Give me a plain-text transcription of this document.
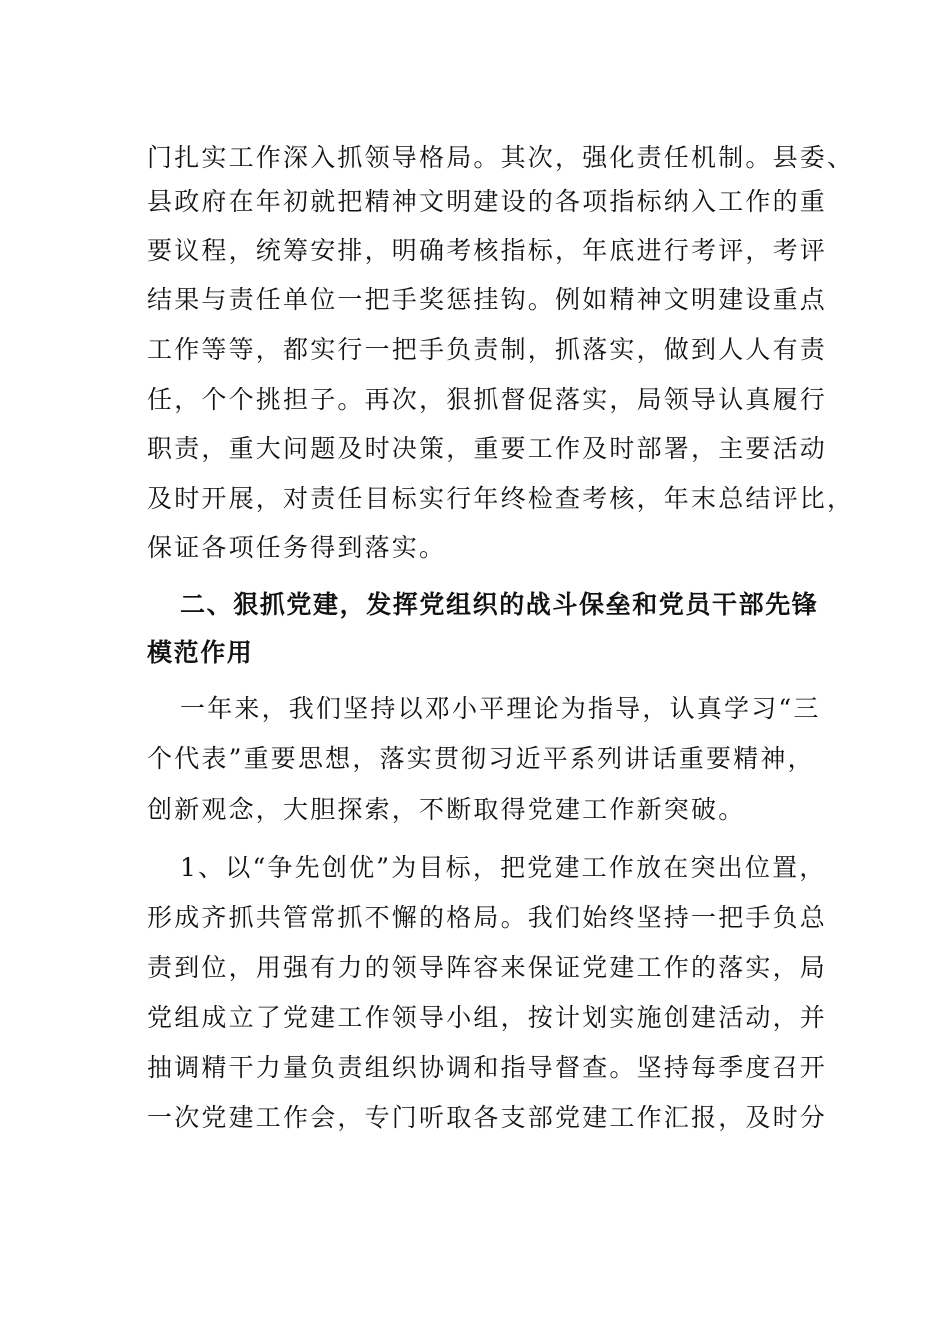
门扎实工作深入抓领导格局。其次，强化责任机制。县委、

县政府在年初就把精神文明建设的各项指标纳入工作的重

要议程，统筹安排，明确考核指标，年底进行考评，考评

结果与责任单位一把手奖惩挂钩。例如精神文明建设重点

工作等等，都实行一把手负责制，抓落实，做到人人有责

任，个个挑担子。再次，狠抓督促落实，局领导认真履行

职责，重大问题及时决策，重要工作及时部署，主要活动

及时开展，对责任目标实行年终检查考核，年末总结评比，

保证各项任务得到落实。

二、狠抓党建，发挥党组织的战斗保垒和党员干部先锋

模范作用

一年来，我们坚持以邓小平理论为指导，认真学习“三

个代表”重要思想，落实贯彻习近平系列讲话重要精神，

创新观念，大胆探索，不断取得党建工作新突破。

1、以“争先创优”为目标，把党建工作放在突出位置，

形成齐抓共管常抓不懈的格局。我们始终坚持一把手负总

责到位，用强有力的领导阵容来保证党建工作的落实，局

党组成立了党建工作领导小组，按计划实施创建活动，并

抽调精干力量负责组织协调和指导督查。坚持每季度召开

一次党建工作会，专门听取各支部党建工作汇报，及时分
